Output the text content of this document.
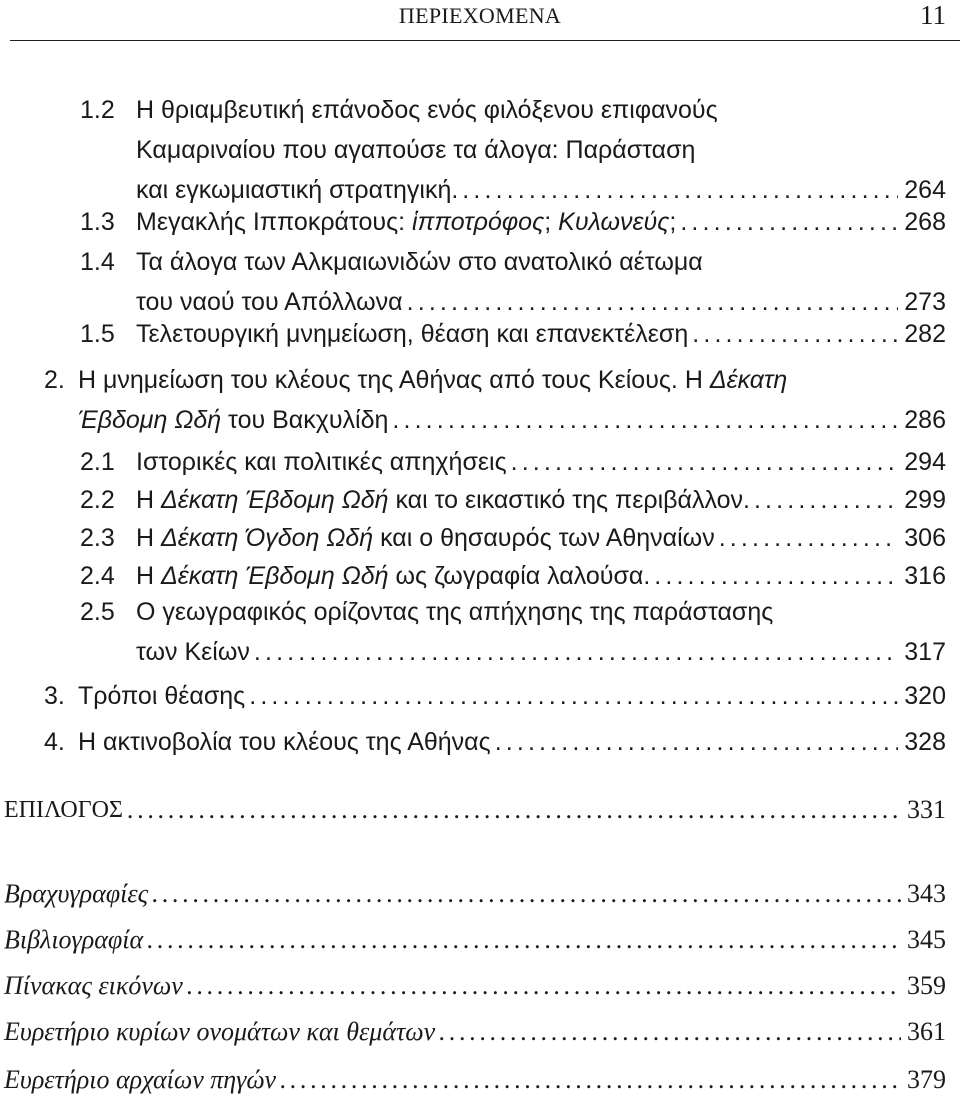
ΠΕΡΙΕΧΟΜΕΝΑ	11
1.2 Η θριαμβευτική επάνοδος ενός φιλόξενου επιφανούς
Καμαριναίου που αγαπούσε τα άλογα: Παράσταση
και εγκωμιαστική στρατηγική. . . .	264
1.3 Μεγακλής Ιπποκράτους: ἱπποτρόφος; Κυλωνεύς; . . .	268
1.4 Τα άλογα των Αλκμαιωνιδών στο ανατολικό αέτωμα
του ναού του Απόλλωνα . . .	273
1.5 Τελετουργική μνημείωση, θέαση και επανεκτέλεση . . .	282
2. Η μνημείωση του κλέους της Αθήνας από τους Κείους. Η Δέκατη
Έβδομη Ωδή του Βακχυλίδη . . .	286
2.1 Ιστορικές και πολιτικές απηχήσεις . . .	294
2.2 Η Δέκατη Έβδομη Ωδή και το εικαστικό της περιβάλλον. . . .	299
2.3 Η Δέκατη Όγδοη Ωδή και ο θησαυρός των Αθηναίων . . .	306
2.4 Η Δέκατη Έβδομη Ωδή ως ζωγραφία λαλούσα. . . .	316
2.5 Ο γεωγραφικός ορίζοντας της απήχησης της παράστασης
των Κείων . . .	317
3. Τρόποι θέασης . . .	320
4. Η ακτινοβολία του κλέους της Αθήνας . . .	328
ΕΠΙΛΟΓΟΣ . . .	331
Βραχυγραφίες . . .	343
Βιβλιογραφία . . .	345
Πίνακας εικόνων . . .	359
Ευρετήριο κυρίων ονομάτων και θεμάτων . . .	361
Ευρετήριο αρχαίων πηγών . . .	379
